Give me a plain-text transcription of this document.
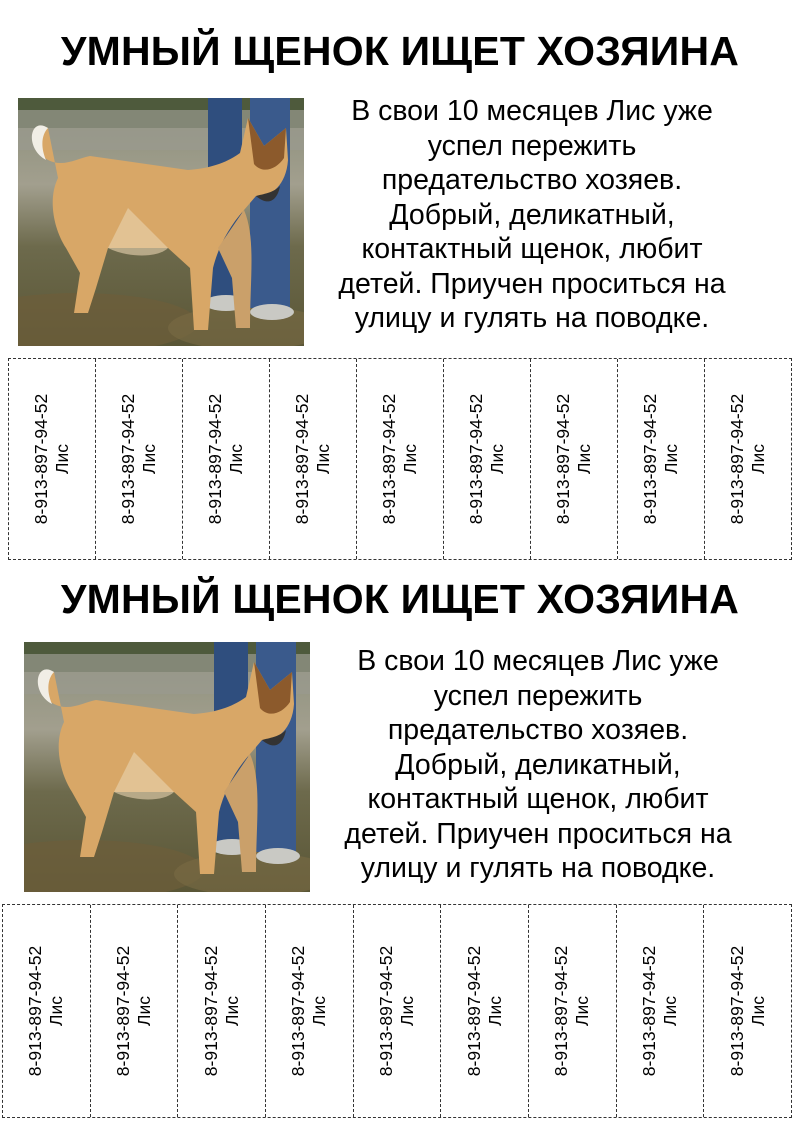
УМНЫЙ ЩЕНОК ИЩЕТ ХОЗЯИНА
В свои 10 месяцев Лис уже
успел пережить
предательство хозяев.
Добрый, деликатный,
контактный щенок, любит
детей. Приучен проситься на
улицу и гулять на поводке.
8-913-897-94-52 Лис	8-913-897-94-52 Лис	8-913-897-94-52 Лис	8-913-897-94-52 Лис	8-913-897-94-52 Лис	8-913-897-94-52 Лис	8-913-897-94-52 Лис	8-913-897-94-52 Лис	8-913-897-94-52 Лис
УМНЫЙ ЩЕНОК ИЩЕТ ХОЗЯИНА
В свои 10 месяцев Лис уже
успел пережить
предательство хозяев.
Добрый, деликатный,
контактный щенок, любит
детей. Приучен проситься на
улицу и гулять на поводке.
8-913-897-94-52 Лис	8-913-897-94-52 Лис	8-913-897-94-52 Лис	8-913-897-94-52 Лис	8-913-897-94-52 Лис	8-913-897-94-52 Лис	8-913-897-94-52 Лис	8-913-897-94-52 Лис	8-913-897-94-52 Лис
